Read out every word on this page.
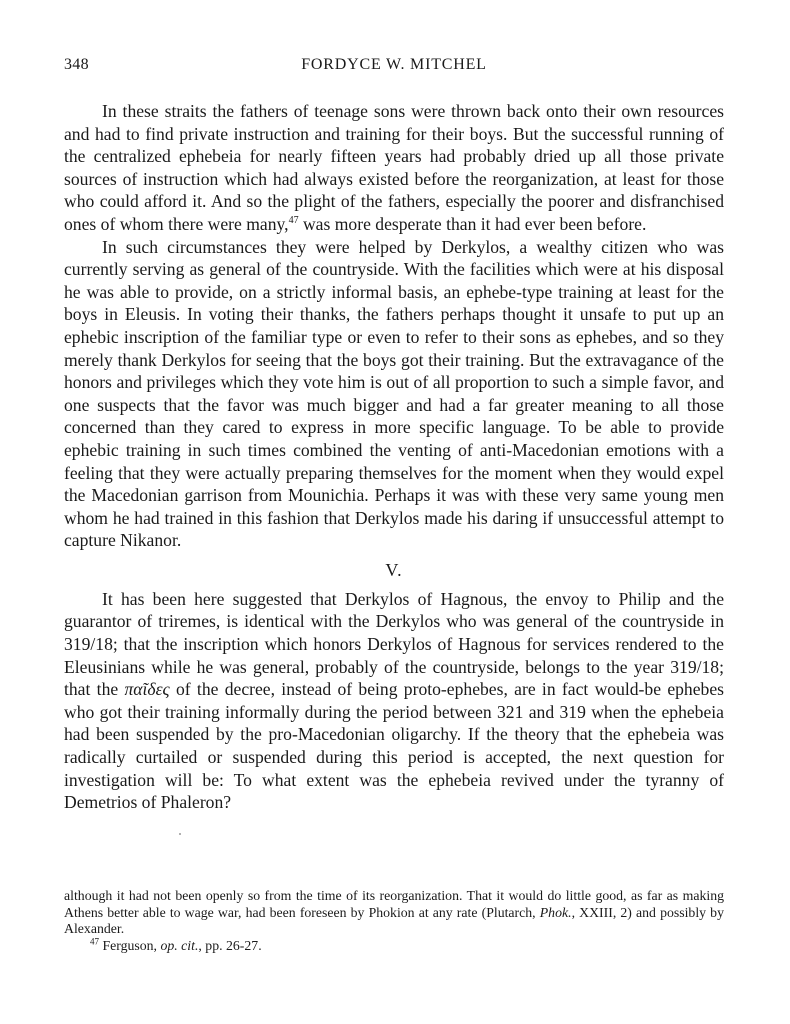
348	FORDYCE W. MITCHEL

In these straits the fathers of teenage sons were thrown back onto their own resources and had to find private instruction and training for their boys. But the successful running of the centralized ephebeia for nearly fifteen years had probably dried up all those private sources of instruction which had always existed before the reorganization, at least for those who could afford it. And so the plight of the fathers, especially the poorer and disfranchised ones of whom there were many,$^{47}$ was more desperate than it had ever been before.

In such circumstances they were helped by Derkylos, a wealthy citizen who was currently serving as general of the countryside. With the facilities which were at his disposal he was able to provide, on a strictly informal basis, an ephebe-type training at least for the boys in Eleusis. In voting their thanks, the fathers perhaps thought it unsafe to put up an ephebic inscription of the familiar type or even to refer to their sons as ephebes, and so they merely thank Derkylos for seeing that the boys got their training. But the extravagance of the honors and privileges which they vote him is out of all proportion to such a simple favor, and one suspects that the favor was much bigger and had a far greater meaning to all those concerned than they cared to express in more specific language. To be able to provide ephebic training in such times combined the venting of anti-Macedonian emotions with a feeling that they were actually preparing themselves for the moment when they would expel the Macedonian garrison from Mounichia. Perhaps it was with these very same young men whom he had trained in this fashion that Derkylos made his daring if unsuccessful attempt to capture Nikanor.

V.

It has been here suggested that Derkylos of Hagnous, the envoy to Philip and the guarantor of triremes, is identical with the Derkylos who was general of the countryside in 319/18; that the inscription which honors Derkylos of Hagnous for services rendered to the Eleusinians while he was general, probably of the countryside, belongs to the year 319/18; that the παῖδες of the decree, instead of being proto-ephebes, are in fact would-be ephebes who got their training informally during the period between 321 and 319 when the ephebeia had been suspended by the pro-Macedonian oligarchy. If the theory that the ephebeia was radically curtailed or suspended during this period is accepted, the next question for investigation will be: To what extent was the ephebeia revived under the tyranny of Demetrios of Phaleron?

although it had not been openly so from the time of its reorganization. That it would do little good, as far as making Athens better able to wage war, had been foreseen by Phokion at any rate (Plutarch, Phok., XXIII, 2) and possibly by Alexander.

$^{47}$ Ferguson, op. cit., pp. 26-27.
